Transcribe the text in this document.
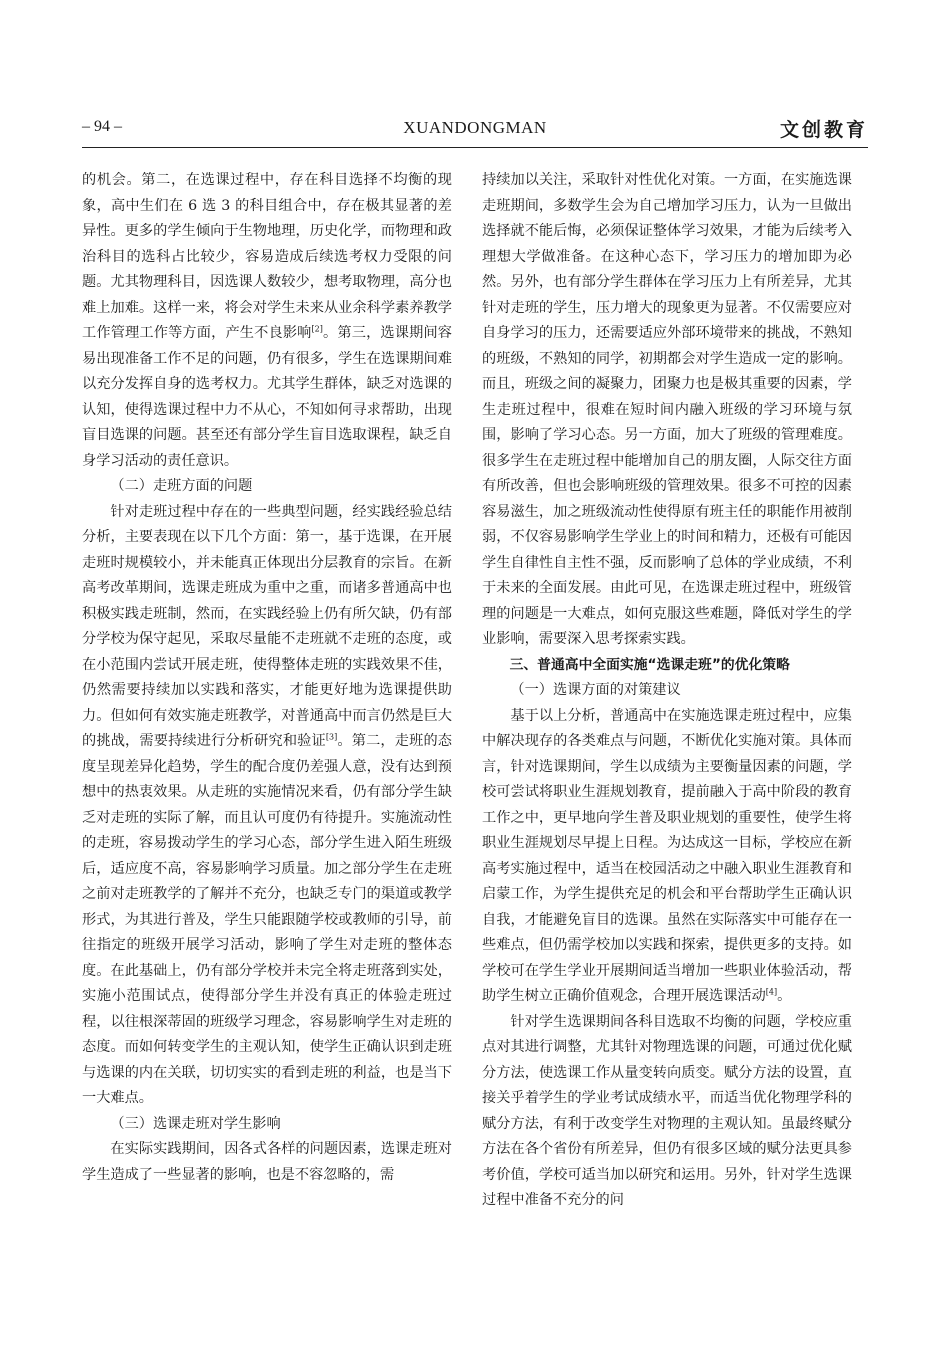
– 94 –	XUANDONGMAN	文创教育

的机会。第二，在选课过程中，存在科目选择不均衡的现象，高中生们在 6 选 3 的科目组合中，存在极其显著的差异性。更多的学生倾向于生物地理，历史化学，而物理和政治科目的选科占比较少，容易造成后续选考权力受限的问题。尤其物理科目，因选课人数较少，想考取物理，高分也难上加难。这样一来，将会对学生未来从业余科学素养教学工作管理工作等方面，产生不良影响[2]。第三，选课期间容易出现准备工作不足的问题，仍有很多，学生在选课期间难以充分发挥自身的选考权力。尤其学生群体，缺乏对选课的认知，使得选课过程中力不从心，不知如何寻求帮助，出现盲目选课的问题。甚至还有部分学生盲目选取课程，缺乏自身学习活动的责任意识。

（二）走班方面的问题

针对走班过程中存在的一些典型问题，经实践经验总结分析，主要表现在以下几个方面：第一，基于选课，在开展走班时规模较小，并未能真正体现出分层教育的宗旨。在新高考改革期间，选课走班成为重中之重，而诸多普通高中也积极实践走班制，然而，在实践经验上仍有所欠缺，仍有部分学校为保守起见，采取尽量能不走班就不走班的态度，或在小范围内尝试开展走班，使得整体走班的实践效果不佳，仍然需要持续加以实践和落实，才能更好地为选课提供助力。但如何有效实施走班教学，对普通高中而言仍然是巨大的挑战，需要持续进行分析研究和验证[3]。第二，走班的态度呈现差异化趋势，学生的配合度仍差强人意，没有达到预想中的热衷效果。从走班的实施情况来看，仍有部分学生缺乏对走班的实际了解，而且认可度仍有待提升。实施流动性的走班，容易拨动学生的学习心态，部分学生进入陌生班级后，适应度不高，容易影响学习质量。加之部分学生在走班之前对走班教学的了解并不充分，也缺乏专门的渠道或教学形式，为其进行普及，学生只能跟随学校或教师的引导，前往指定的班级开展学习活动，影响了学生对走班的整体态度。在此基础上，仍有部分学校并未完全将走班落到实处，实施小范围试点，使得部分学生并没有真正的体验走班过程，以往根深蒂固的班级学习理念，容易影响学生对走班的态度。而如何转变学生的主观认知，使学生正确认识到走班与选课的内在关联，切切实实的看到走班的利益，也是当下一大难点。

（三）选课走班对学生影响

在实际实践期间，因各式各样的问题因素，选课走班对学生造成了一些显著的影响，也是不容忽略的，需

持续加以关注，采取针对性优化对策。一方面，在实施选课走班期间，多数学生会为自己增加学习压力，认为一旦做出选择就不能后悔，必须保证整体学习效果，才能为后续考入理想大学做准备。在这种心态下，学习压力的增加即为必然。另外，也有部分学生群体在学习压力上有所差异，尤其针对走班的学生，压力增大的现象更为显著。不仅需要应对自身学习的压力，还需要适应外部环境带来的挑战，不熟知的班级，不熟知的同学，初期都会对学生造成一定的影响。而且，班级之间的凝聚力，团聚力也是极其重要的因素，学生走班过程中，很难在短时间内融入班级的学习环境与氛围，影响了学习心态。另一方面，加大了班级的管理难度。很多学生在走班过程中能增加自己的朋友圈，人际交往方面有所改善，但也会影响班级的管理效果。很多不可控的因素容易滋生，加之班级流动性使得原有班主任的职能作用被削弱，不仅容易影响学生学业上的时间和精力，还极有可能因学生自律性自主性不强，反而影响了总体的学业成绩，不利于未来的全面发展。由此可见，在选课走班过程中，班级管理的问题是一大难点，如何克服这些难题，降低对学生的学业影响，需要深入思考探索实践。

三、普通高中全面实施“选课走班”的优化策略

（一）选课方面的对策建议

基于以上分析，普通高中在实施选课走班过程中，应集中解决现存的各类难点与问题，不断优化实施对策。具体而言，针对选课期间，学生以成绩为主要衡量因素的问题，学校可尝试将职业生涯规划教育，提前融入于高中阶段的教育工作之中，更早地向学生普及职业规划的重要性，使学生将职业生涯规划尽早提上日程。为达成这一目标，学校应在新高考实施过程中，适当在校园活动之中融入职业生涯教育和启蒙工作，为学生提供充足的机会和平台帮助学生正确认识自我，才能避免盲目的选课。虽然在实际落实中可能存在一些难点，但仍需学校加以实践和探索，提供更多的支持。如学校可在学生学业开展期间适当增加一些职业体验活动，帮助学生树立正确价值观念，合理开展选课活动[4]。

针对学生选课期间各科目选取不均衡的问题，学校应重点对其进行调整，尤其针对物理选课的问题，可通过优化赋分方法，使选课工作从量变转向质变。赋分方法的设置，直接关乎着学生的学业考试成绩水平，而适当优化物理学科的赋分方法，有利于改变学生对物理的主观认知。虽最终赋分方法在各个省份有所差异，但仍有很多区域的赋分法更具参考价值，学校可适当加以研究和运用。另外，针对学生选课过程中准备不充分的问
